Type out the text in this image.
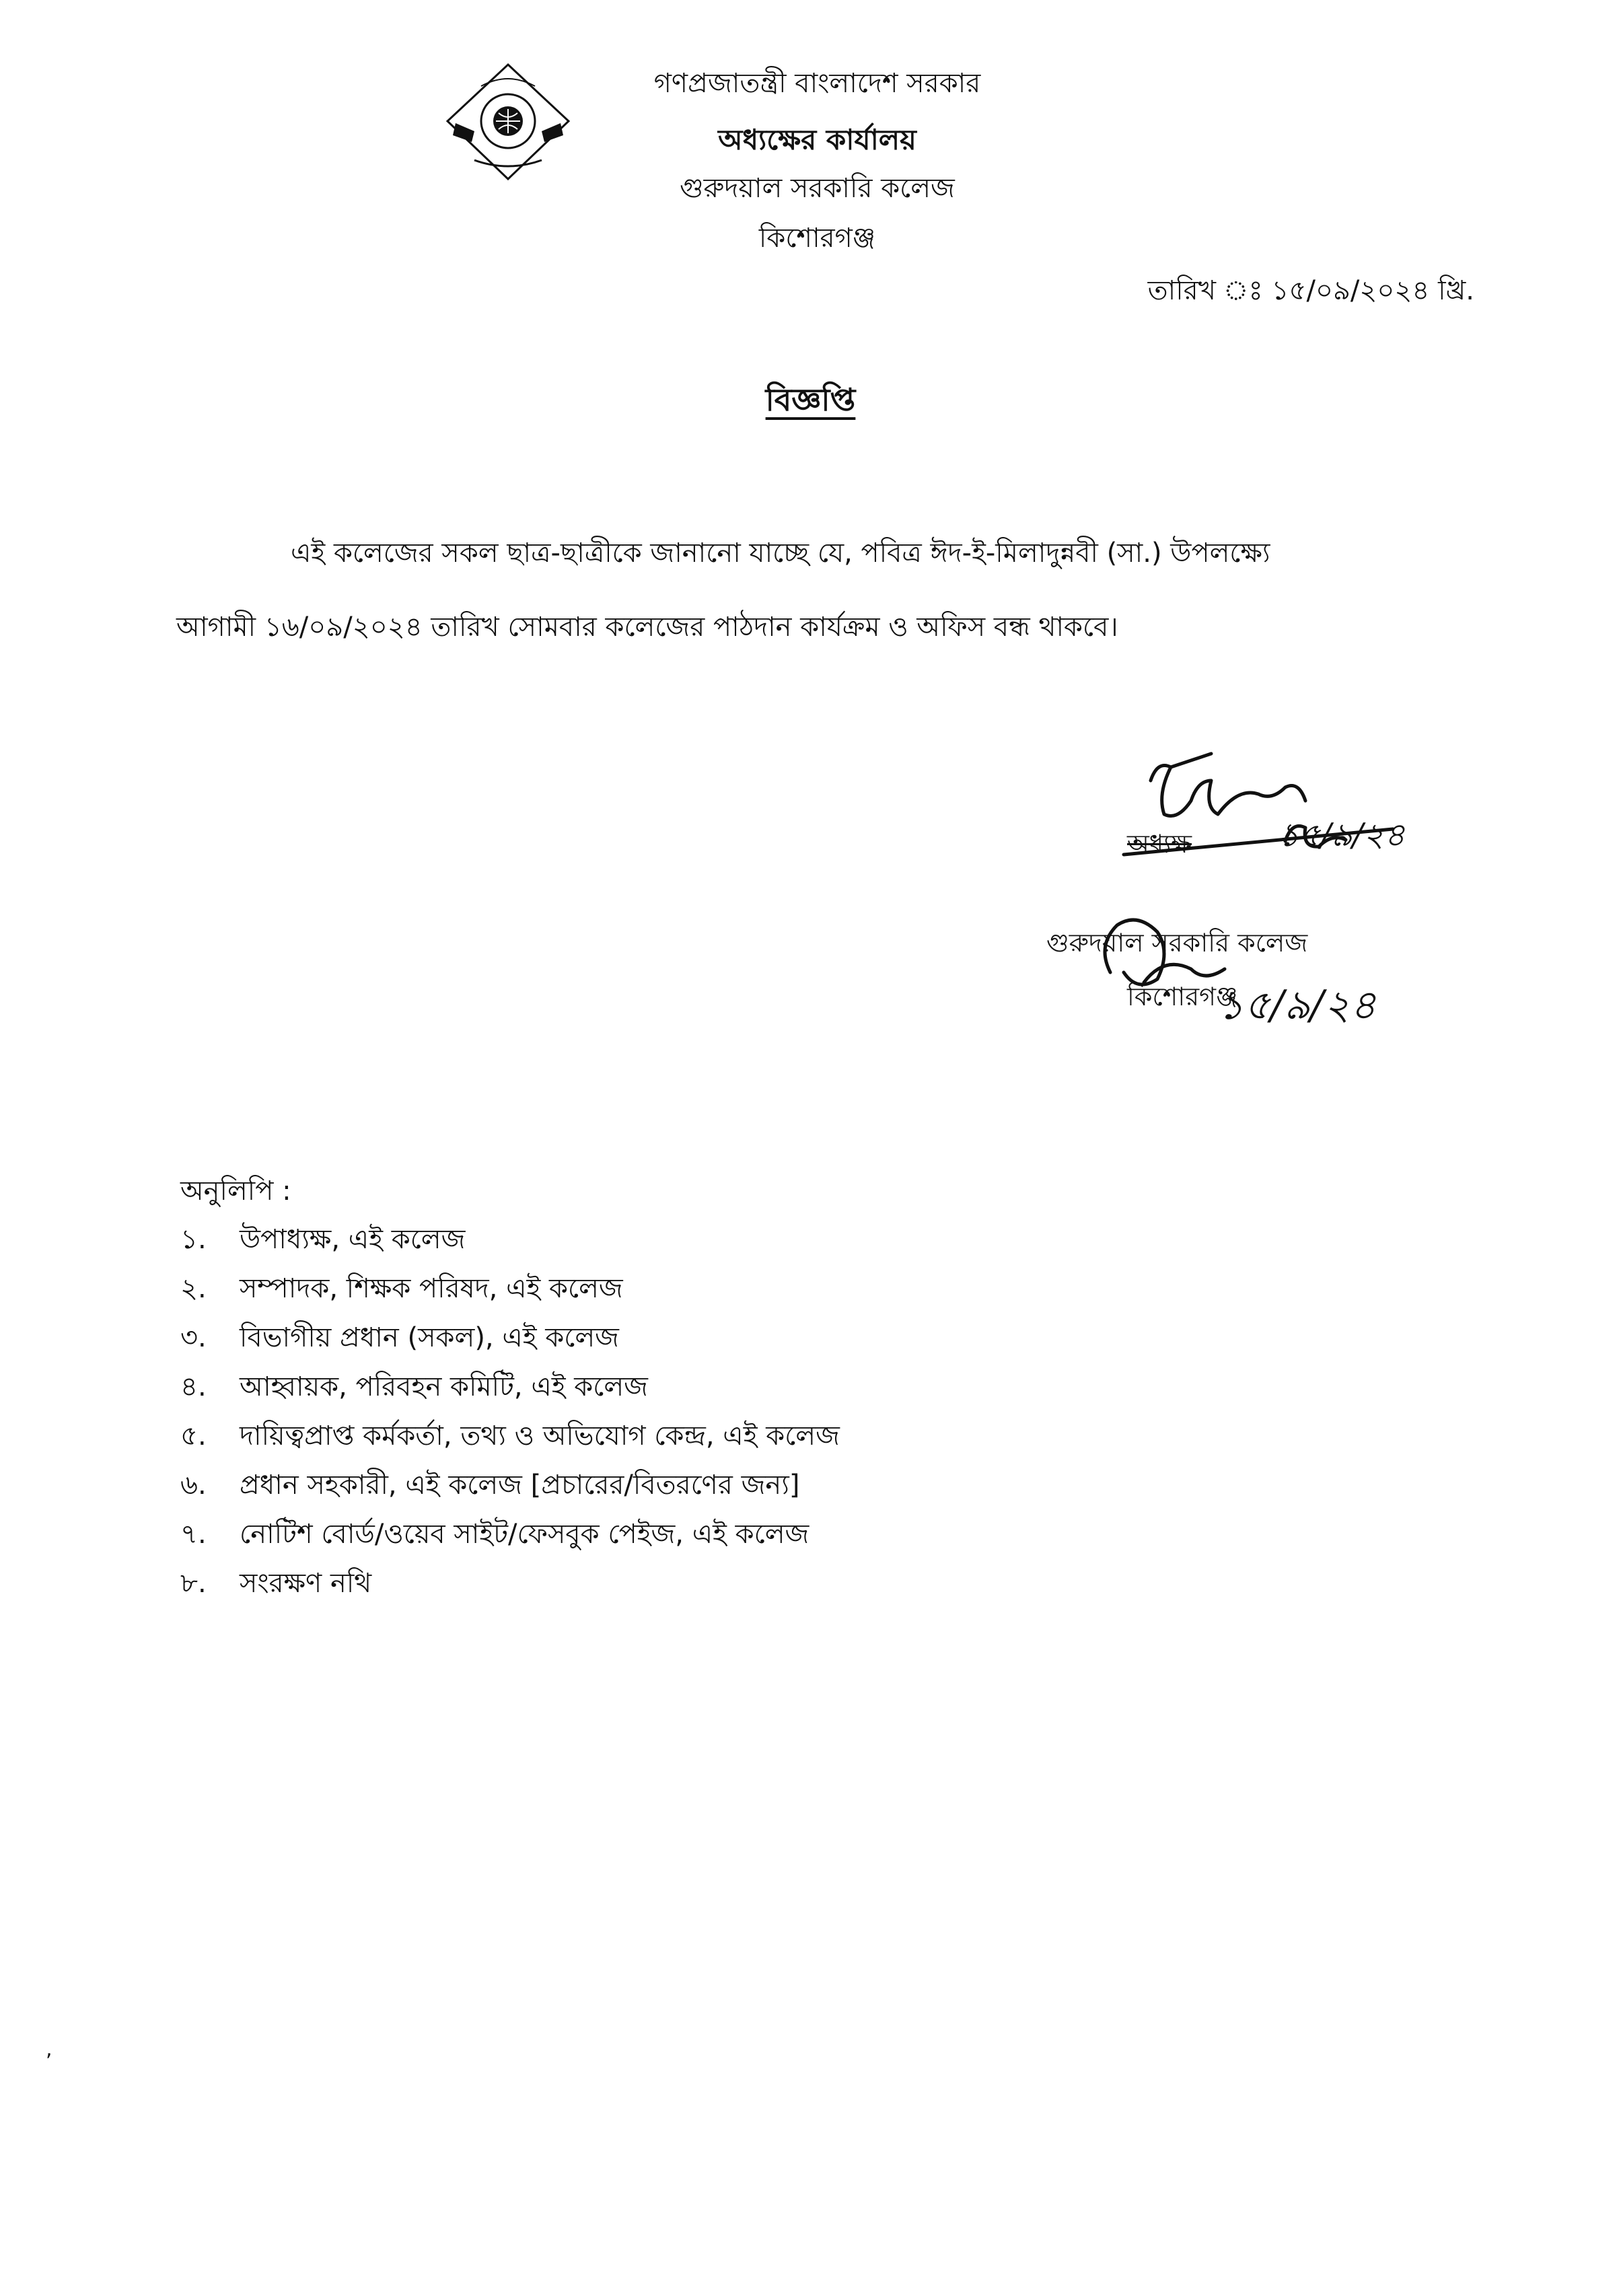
গণপ্রজাতন্ত্রী বাংলাদেশ সরকার
অধ্যক্ষের কার্যালয়
গুরুদয়াল সরকারি কলেজ
কিশোরগঞ্জ
তারিখ ঃ ১৫/০৯/২০২৪ খ্রি.
বিজ্ঞপ্তি
এই কলেজের সকল ছাত্র-ছাত্রীকে জানানো যাচ্ছে যে, পবিত্র ঈদ-ই-মিলাদুন্নবী (সা.) উপলক্ষ্যে
আগামী ১৬/০৯/২০২৪ তারিখ সোমবার কলেজের পাঠদান কার্যক্রম ও অফিস বন্ধ থাকবে।
অধ্যক্ষ
গুরুদয়াল সরকারি কলেজ
কিশোরগঞ্জ
১৫/৯/২৪
১৫/৯/২৪
অনুলিপি :
১.	উপাধ্যক্ষ, এই কলেজ
২.	সম্পাদক, শিক্ষক পরিষদ, এই কলেজ
৩.	বিভাগীয় প্রধান (সকল), এই কলেজ
৪.	আহ্বায়ক, পরিবহন কমিটি, এই কলেজ
৫.	দায়িত্বপ্রাপ্ত কর্মকর্তা, তথ্য ও অভিযোগ কেন্দ্র, এই কলেজ
৬.	প্রধান সহকারী, এই কলেজ [প্রচারের/বিতরণের জন্য]
৭.	নোটিশ বোর্ড/ওয়েব সাইট/ফেসবুক পেইজ, এই কলেজ
৮.	সংরক্ষণ নথি
,
